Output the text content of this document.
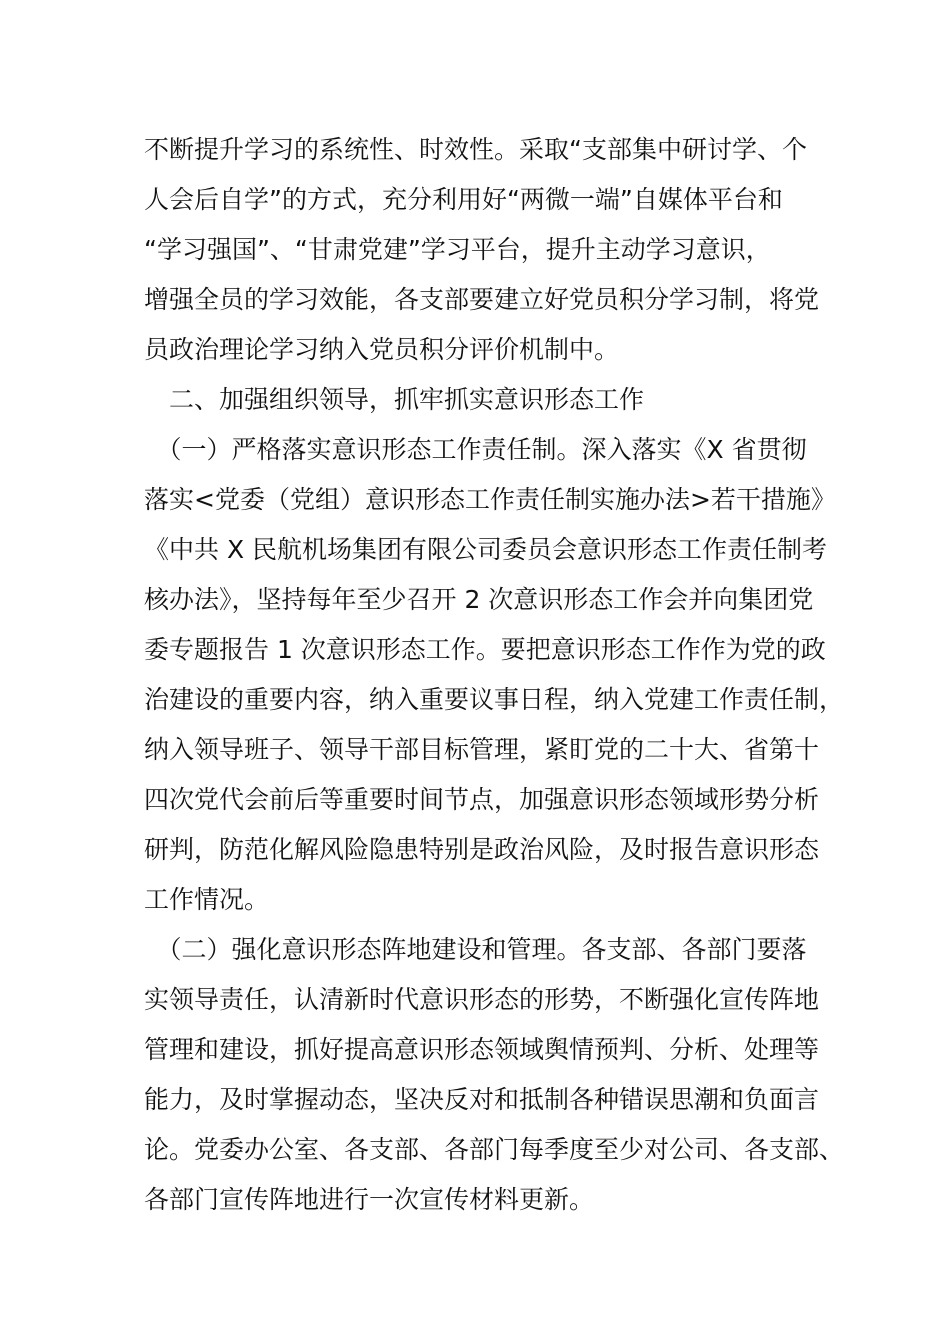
不断提升学习的系统性、时效性。采取“支部集中研讨学、个
人会后自学”的方式，充分利用好“两微一端”自媒体平台和
“学习强国”、“甘肃党建”学习平台，提升主动学习意识，
增强全员的学习效能，各支部要建立好党员积分学习制，将党
员政治理论学习纳入党员积分评价机制中。
　二、加强组织领导，抓牢抓实意识形态工作
　（一）严格落实意识形态工作责任制。深入落实《X 省贯彻
落实<党委（党组）意识形态工作责任制实施办法>若干措施》
《中共 X 民航机场集团有限公司委员会意识形态工作责任制考
核办法》，坚持每年至少召开 2 次意识形态工作会并向集团党
委专题报告 1 次意识形态工作。要把意识形态工作作为党的政
治建设的重要内容，纳入重要议事日程，纳入党建工作责任制，
纳入领导班子、领导干部目标管理，紧盯党的二十大、省第十
四次党代会前后等重要时间节点，加强意识形态领域形势分析
研判，防范化解风险隐患特别是政治风险，及时报告意识形态
工作情况。
　（二）强化意识形态阵地建设和管理。各支部、各部门要落
实领导责任，认清新时代意识形态的形势，不断强化宣传阵地
管理和建设，抓好提高意识形态领域舆情预判、分析、处理等
能力，及时掌握动态，坚决反对和抵制各种错误思潮和负面言
论。党委办公室、各支部、各部门每季度至少对公司、各支部、
各部门宣传阵地进行一次宣传材料更新。
